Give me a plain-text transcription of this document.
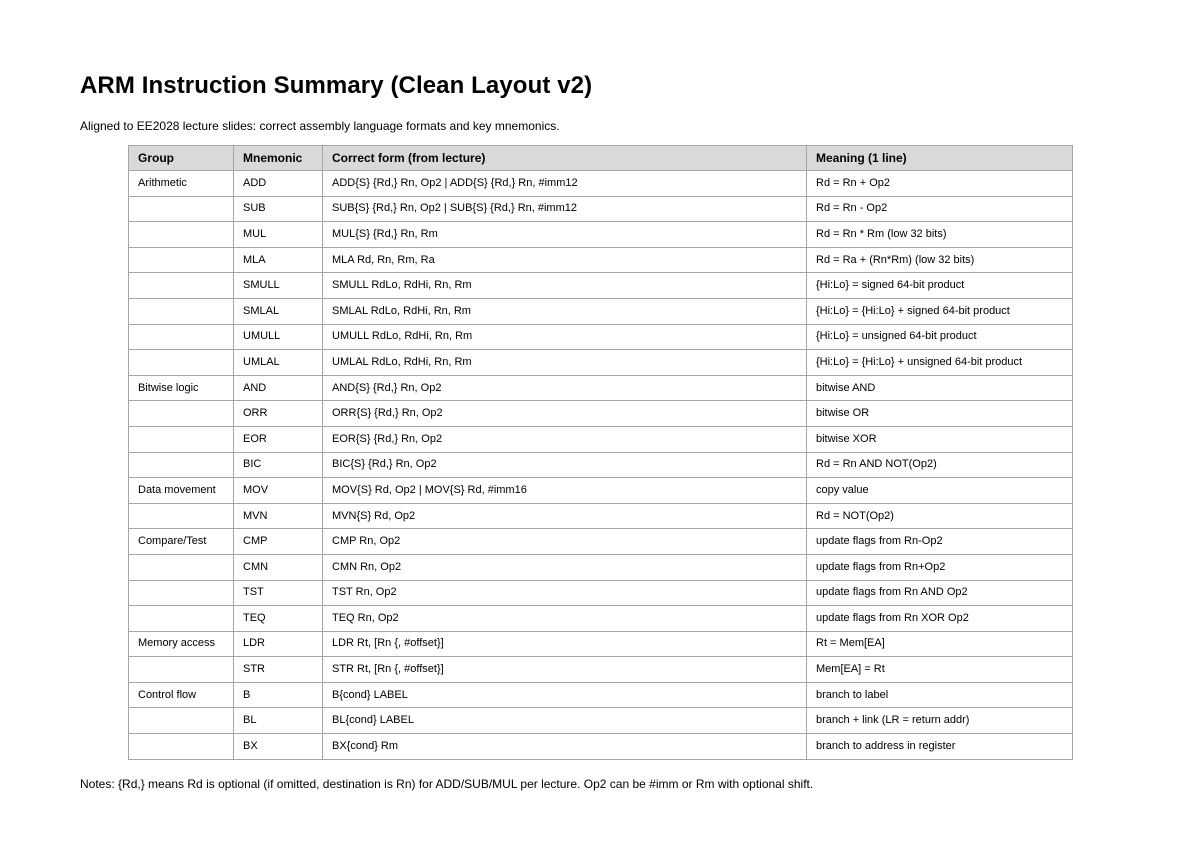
ARM Instruction Summary (Clean Layout v2)

Aligned to EE2028 lecture slides: correct assembly language formats and key mnemonics.

Group	Mnemonic	Correct form (from lecture)	Meaning (1 line)
Arithmetic	ADD	ADD{S} {Rd,} Rn, Op2 | ADD{S} {Rd,} Rn, #imm12	Rd = Rn + Op2
	SUB	SUB{S} {Rd,} Rn, Op2 | SUB{S} {Rd,} Rn, #imm12	Rd = Rn - Op2
	MUL	MUL{S} {Rd,} Rn, Rm	Rd = Rn * Rm (low 32 bits)
	MLA	MLA Rd, Rn, Rm, Ra	Rd = Ra + (Rn*Rm) (low 32 bits)
	SMULL	SMULL RdLo, RdHi, Rn, Rm	{Hi:Lo} = signed 64-bit product
	SMLAL	SMLAL RdLo, RdHi, Rn, Rm	{Hi:Lo} = {Hi:Lo} + signed 64-bit product
	UMULL	UMULL RdLo, RdHi, Rn, Rm	{Hi:Lo} = unsigned 64-bit product
	UMLAL	UMLAL RdLo, RdHi, Rn, Rm	{Hi:Lo} = {Hi:Lo} + unsigned 64-bit product
Bitwise logic	AND	AND{S} {Rd,} Rn, Op2	bitwise AND
	ORR	ORR{S} {Rd,} Rn, Op2	bitwise OR
	EOR	EOR{S} {Rd,} Rn, Op2	bitwise XOR
	BIC	BIC{S} {Rd,} Rn, Op2	Rd = Rn AND NOT(Op2)
Data movement	MOV	MOV{S} Rd, Op2 | MOV{S} Rd, #imm16	copy value
	MVN	MVN{S} Rd, Op2	Rd = NOT(Op2)
Compare/Test	CMP	CMP Rn, Op2	update flags from Rn-Op2
	CMN	CMN Rn, Op2	update flags from Rn+Op2
	TST	TST Rn, Op2	update flags from Rn AND Op2
	TEQ	TEQ Rn, Op2	update flags from Rn XOR Op2
Memory access	LDR	LDR Rt, [Rn {, #offset}]	Rt = Mem[EA]
	STR	STR Rt, [Rn {, #offset}]	Mem[EA] = Rt
Control flow	B	B{cond} LABEL	branch to label
	BL	BL{cond} LABEL	branch + link (LR = return addr)
	BX	BX{cond} Rm	branch to address in register

Notes: {Rd,} means Rd is optional (if omitted, destination is Rn) for ADD/SUB/MUL per lecture. Op2 can be #imm or Rm with optional shift.
